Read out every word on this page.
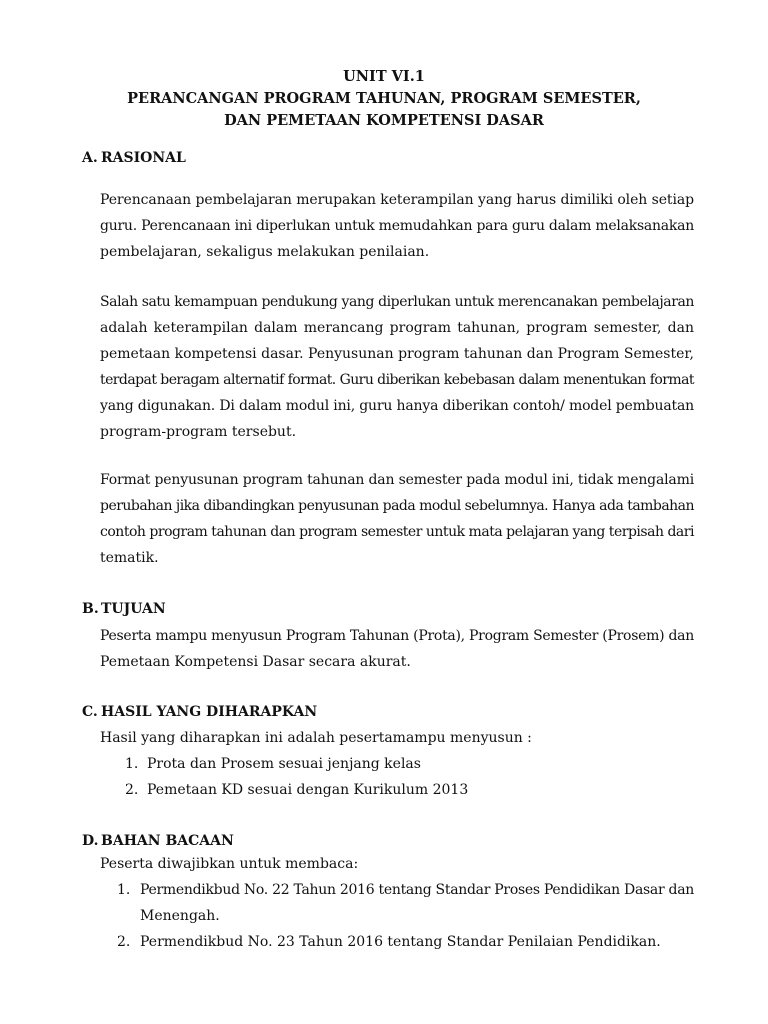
UNIT VI.1
PERANCANGAN PROGRAM TAHUNAN, PROGRAM SEMESTER,
DAN PEMETAAN KOMPETENSI DASAR
A. RASIONAL
Perencanaan pembelajaran merupakan keterampilan yang harus dimiliki oleh setiap
guru. Perencanaan ini diperlukan untuk memudahkan para guru dalam melaksanakan
pembelajaran, sekaligus melakukan penilaian.
Salah satu kemampuan pendukung yang diperlukan untuk merencanakan pembelajaran
adalah keterampilan dalam merancang program tahunan, program semester, dan
pemetaan kompetensi dasar. Penyusunan program tahunan dan Program Semester,
terdapat beragam alternatif format. Guru diberikan kebebasan dalam menentukan format
yang digunakan. Di dalam modul ini, guru hanya diberikan contoh/ model pembuatan
program-program tersebut.
Format penyusunan program tahunan dan semester pada modul ini, tidak mengalami
perubahan jika dibandingkan penyusunan pada modul sebelumnya. Hanya ada tambahan
contoh program tahunan dan program semester untuk mata pelajaran yang terpisah dari
tematik.
B. TUJUAN
Peserta mampu menyusun Program Tahunan (Prota), Program Semester (Prosem) dan
Pemetaan Kompetensi Dasar secara akurat.
C. HASIL YANG DIHARAPKAN
Hasil yang diharapkan ini adalah pesertamampu menyusun :
1. Prota dan Prosem sesuai jenjang kelas
2. Pemetaan KD sesuai dengan Kurikulum 2013
D. BAHAN BACAAN
Peserta diwajibkan untuk membaca:
1. Permendikbud No. 22 Tahun 2016 tentang Standar Proses Pendidikan Dasar dan
Menengah.
2. Permendikbud No. 23 Tahun 2016 tentang Standar Penilaian Pendidikan.
